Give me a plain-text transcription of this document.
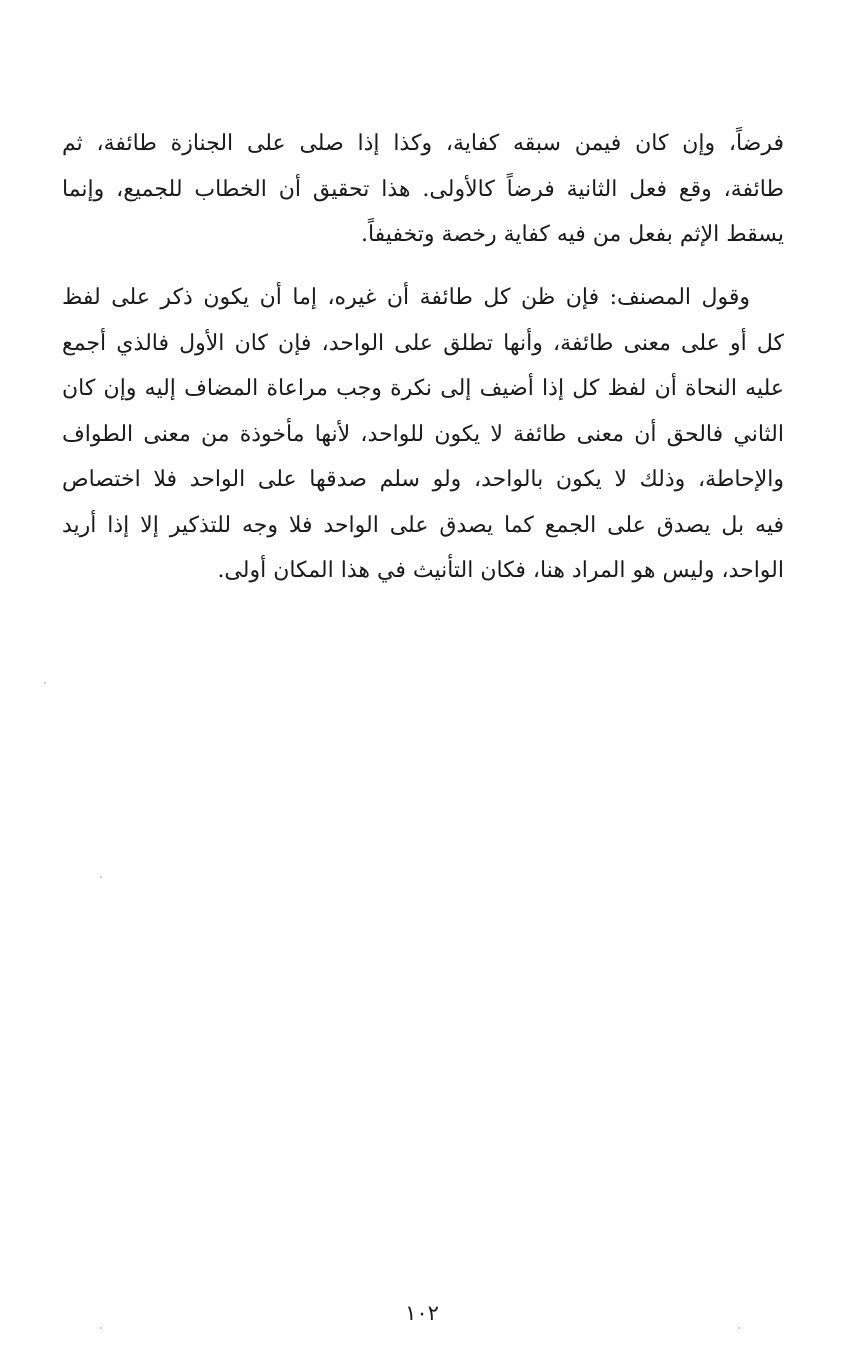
فرضاً، وإن كان فيمن سبقه كفاية، وكذا إذا صلى على الجنازة طائفة، ثم
طائفة، وقع فعل الثانية فرضاً كالأولى. هذا تحقيق أن الخطاب للجميع، وإنما
يسقط الإثم بفعل من فيه كفاية رخصة وتخفيفاً.
وقول المصنف: فإن ظن كل طائفة أن غيره، إما أن يكون ذكر على لفظ
كل أو على معنى طائفة، وأنها تطلق على الواحد، فإن كان الأول فالذي أجمع
عليه النحاة أن لفظ كل إذا أضيف إلى نكرة وجب مراعاة المضاف إليه وإن كان
الثاني فالحق أن معنى طائفة لا يكون للواحد، لأنها مأخوذة من معنى الطواف
والإحاطة، وذلك لا يكون بالواحد، ولو سلم صدقها على الواحد فلا اختصاص
فيه بل يصدق على الجمع كما يصدق على الواحد فلا وجه للتذكير إلا إذا أريد
الواحد، وليس هو المراد هنا، فكان التأنيث في هذا المكان أولى.
١٠٢
